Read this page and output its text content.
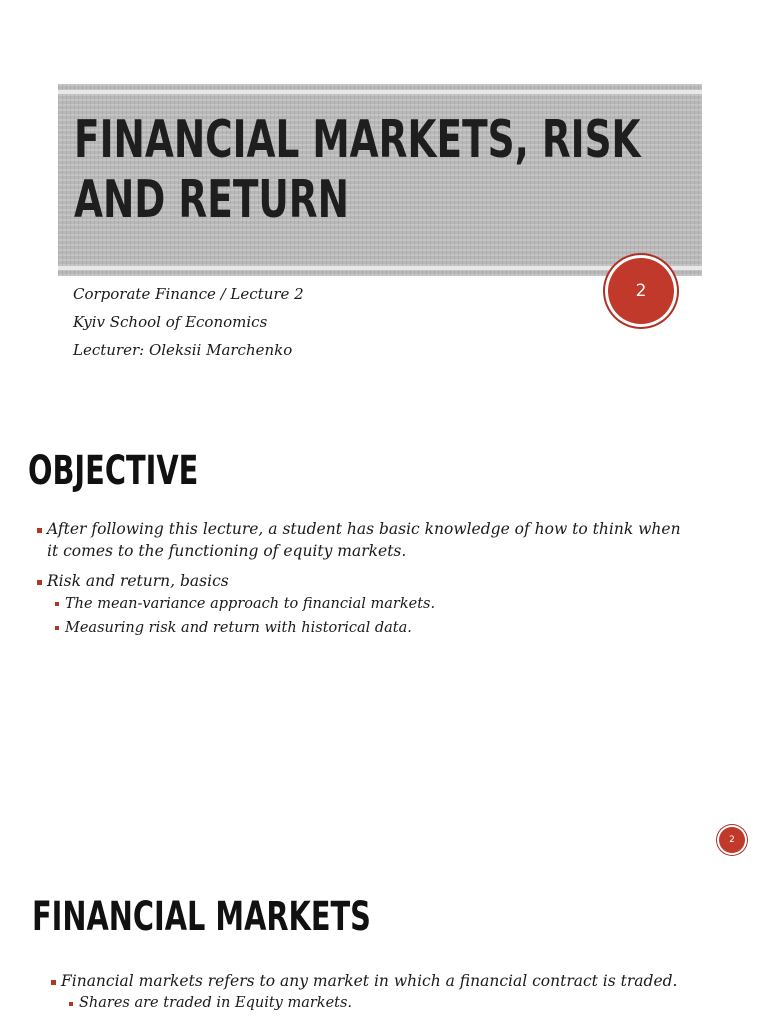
FINANCIAL MARKETS, RISK
AND RETURN
Corporate Finance / Lecture 2
Kyiv School of Economics
Lecturer: Oleksii Marchenko
2
OBJECTIVE
After following this lecture, a student has basic knowledge of how to think when it comes to the functioning of equity markets.
Risk and return, basics
The mean-variance approach to financial markets.
Measuring risk and return with historical data.
2
FINANCIAL MARKETS
Financial markets refers to any market in which a financial contract is traded.
Shares are traded in Equity markets.
